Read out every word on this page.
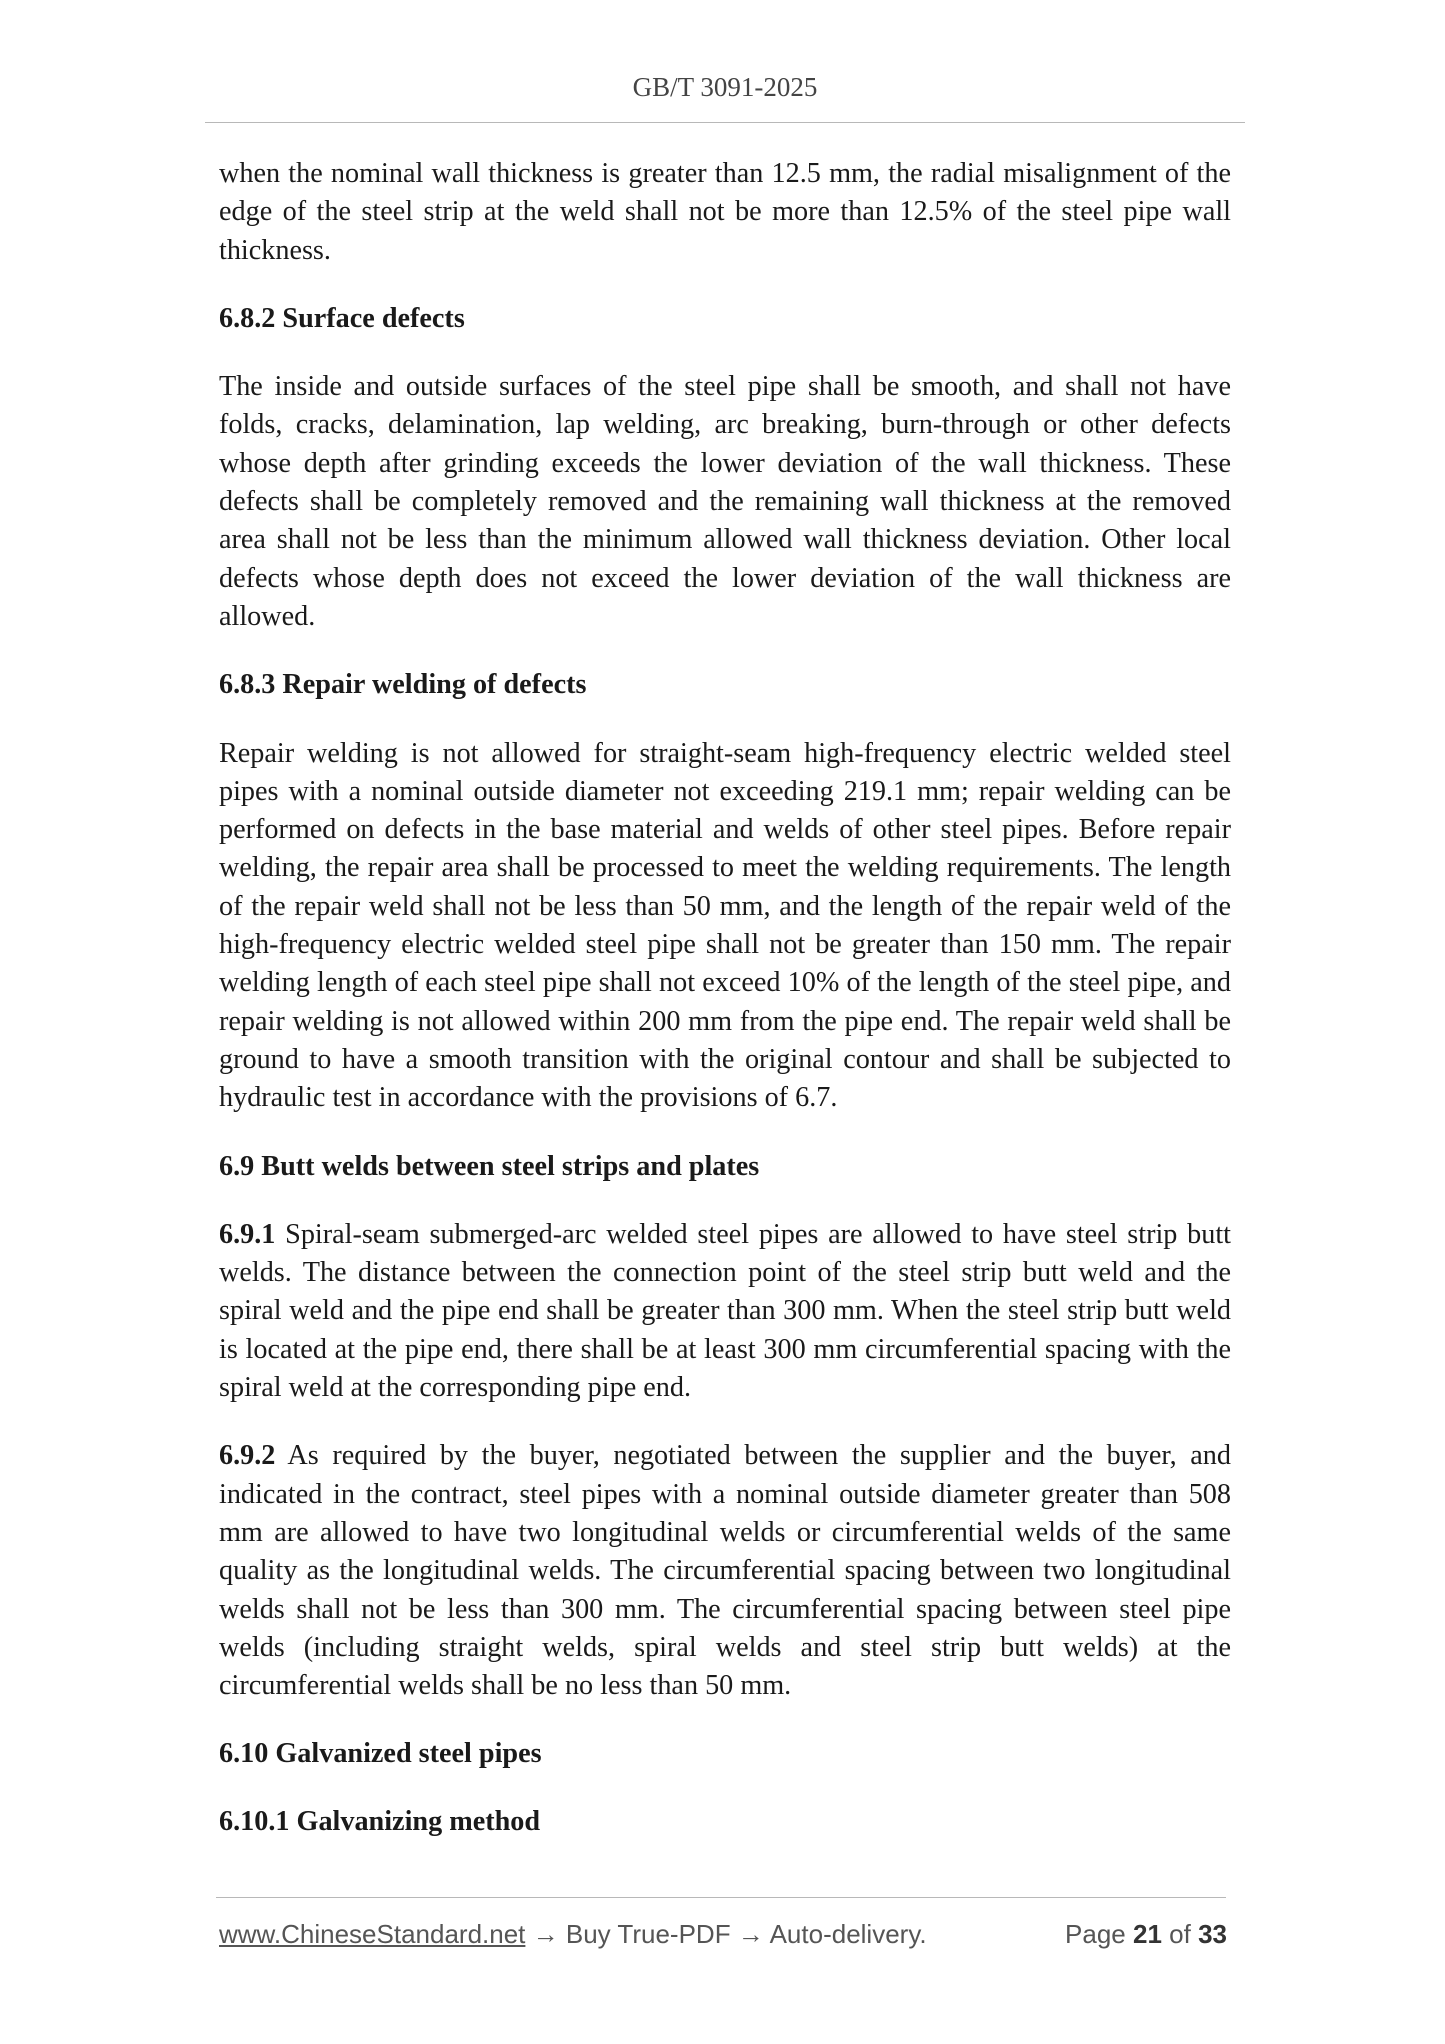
GB/T 3091-2025

when the nominal wall thickness is greater than 12.5 mm, the radial misalignment of the edge of the steel strip at the weld shall not be more than 12.5% of the steel pipe wall thickness.

6.8.2 Surface defects

The inside and outside surfaces of the steel pipe shall be smooth, and shall not have folds, cracks, delamination, lap welding, arc breaking, burn-through or other defects whose depth after grinding exceeds the lower deviation of the wall thickness. These defects shall be completely removed and the remaining wall thickness at the removed area shall not be less than the minimum allowed wall thickness deviation. Other local defects whose depth does not exceed the lower deviation of the wall thickness are allowed.

6.8.3 Repair welding of defects

Repair welding is not allowed for straight-seam high-frequency electric welded steel pipes with a nominal outside diameter not exceeding 219.1 mm; repair welding can be performed on defects in the base material and welds of other steel pipes. Before repair welding, the repair area shall be processed to meet the welding requirements. The length of the repair weld shall not be less than 50 mm, and the length of the repair weld of the high-frequency electric welded steel pipe shall not be greater than 150 mm. The repair welding length of each steel pipe shall not exceed 10% of the length of the steel pipe, and repair welding is not allowed within 200 mm from the pipe end. The repair weld shall be ground to have a smooth transition with the original contour and shall be subjected to hydraulic test in accordance with the provisions of 6.7.

6.9 Butt welds between steel strips and plates

6.9.1 Spiral-seam submerged-arc welded steel pipes are allowed to have steel strip butt welds. The distance between the connection point of the steel strip butt weld and the spiral weld and the pipe end shall be greater than 300 mm. When the steel strip butt weld is located at the pipe end, there shall be at least 300 mm circumferential spacing with the spiral weld at the corresponding pipe end.

6.9.2 As required by the buyer, negotiated between the supplier and the buyer, and indicated in the contract, steel pipes with a nominal outside diameter greater than 508 mm are allowed to have two longitudinal welds or circumferential welds of the same quality as the longitudinal welds. The circumferential spacing between two longitudinal welds shall not be less than 300 mm. The circumferential spacing between steel pipe welds (including straight welds, spiral welds and steel strip butt welds) at the circumferential welds shall be no less than 50 mm.

6.10 Galvanized steel pipes

6.10.1 Galvanizing method

www.ChineseStandard.net → Buy True-PDF → Auto-delivery.	Page 21 of 33
